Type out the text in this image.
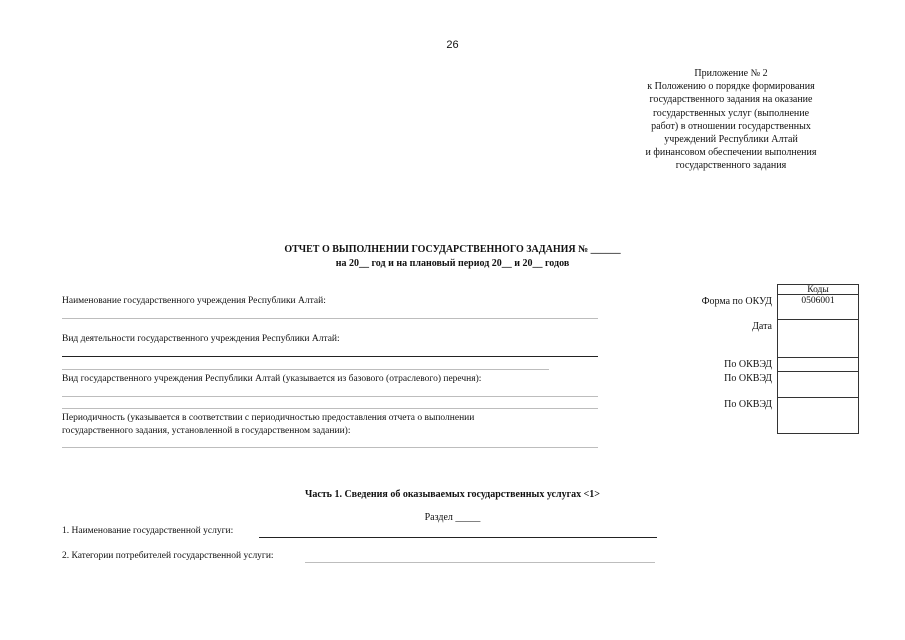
26
Приложение № 2
к Положению о порядке формирования
государственного задания на оказание
государственных услуг (выполнение
работ) в отношении государственных
учреждений Республики Алтай
и финансовом обеспечении выполнения
государственного задания
ОТЧЕТ О ВЫПОЛНЕНИИ ГОСУДАРСТВЕННОГО ЗАДАНИЯ № ______
на 20__ год и на плановый период 20__ и 20__ годов
Наименование государственного учреждения Республики Алтай:
Вид деятельности государственного учреждения Республики Алтай:
Вид государственного учреждения Республики Алтай (указывается из базового (отраслевого) перечня):
Периодичность (указывается в соответствии с периодичностью предоставления отчета о выполнении
государственного задания, установленной в государственном задании):
Форма по ОКУД
Дата
По ОКВЭД
По ОКВЭД
По ОКВЭД
Коды
0506001
Часть 1. Сведения об оказываемых государственных услугах <1>
Раздел _____
1. Наименование государственной услуги:
2. Категории потребителей государственной услуги:
